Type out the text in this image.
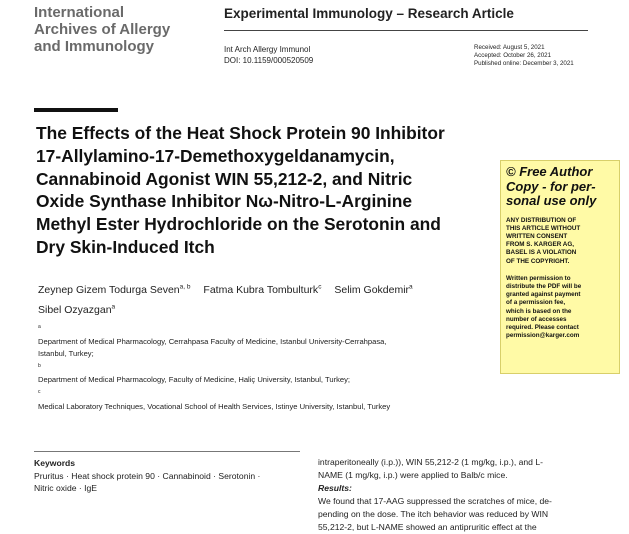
International
Archives of Allergy
and Immunology
Experimental Immunology – Research Article
Int Arch Allergy Immunol
DOI: 10.1159/000520509
Received: August 5, 2021
Accepted: October 26, 2021
Published online: December 3, 2021
The Effects of the Heat Shock Protein 90 Inhibitor
17-Allylamino-17-Demethoxygeldanamycin,
Cannabinoid Agonist WIN 55,212-2, and Nitric
Oxide Synthase Inhibitor Nω-Nitro-L-Arginine
Methyl Ester Hydrochloride on the Serotonin and
Dry Skin-Induced Itch
Zeynep Gizem Todurga Seven$^{a, b}$ Fatma Kubra Tombulturk$^c$ Selim Gokdemir$^a$
Sibel Ozyazgan$^a$
$^a$
Department of Medical Pharmacology, Cerrahpasa Faculty of Medicine, Istanbul University-Cerrahpasa,
Istanbul, Turkey;
$^b$
Department of Medical Pharmacology, Faculty of Medicine, Haliç University, Istanbul, Turkey;
$^c$
Medical Laboratory Techniques, Vocational School of Health Services, Istinye University, Istanbul, Turkey
© Free Author
Copy - for per-
sonal use only
ANY DISTRIBUTION OF
THIS ARTICLE WITHOUT
WRITTEN CONSENT
FROM S. KARGER AG,
BASEL IS A VIOLATION
OF THE COPYRIGHT.
Written permission to
distribute the PDF will be
granted against payment
of a permission fee,
which is based on the
number of accesses
required. Please contact
permission@karger.com
Keywords
Pruritus · Heat shock protein 90 · Cannabinoid · Serotonin ·
Nitric oxide · IgE
intraperitoneally (i.p.)), WIN 55,212-2 (1 mg/kg, i.p.), and L-
NAME (1 mg/kg, i.p.) were applied to Balb/c mice.
Results:
We found that 17-AAG suppressed the scratches of mice, de-
pending on the dose. The itch behavior was reduced by WIN
55,212-2, but L-NAME showed an antipruritic effect at the
